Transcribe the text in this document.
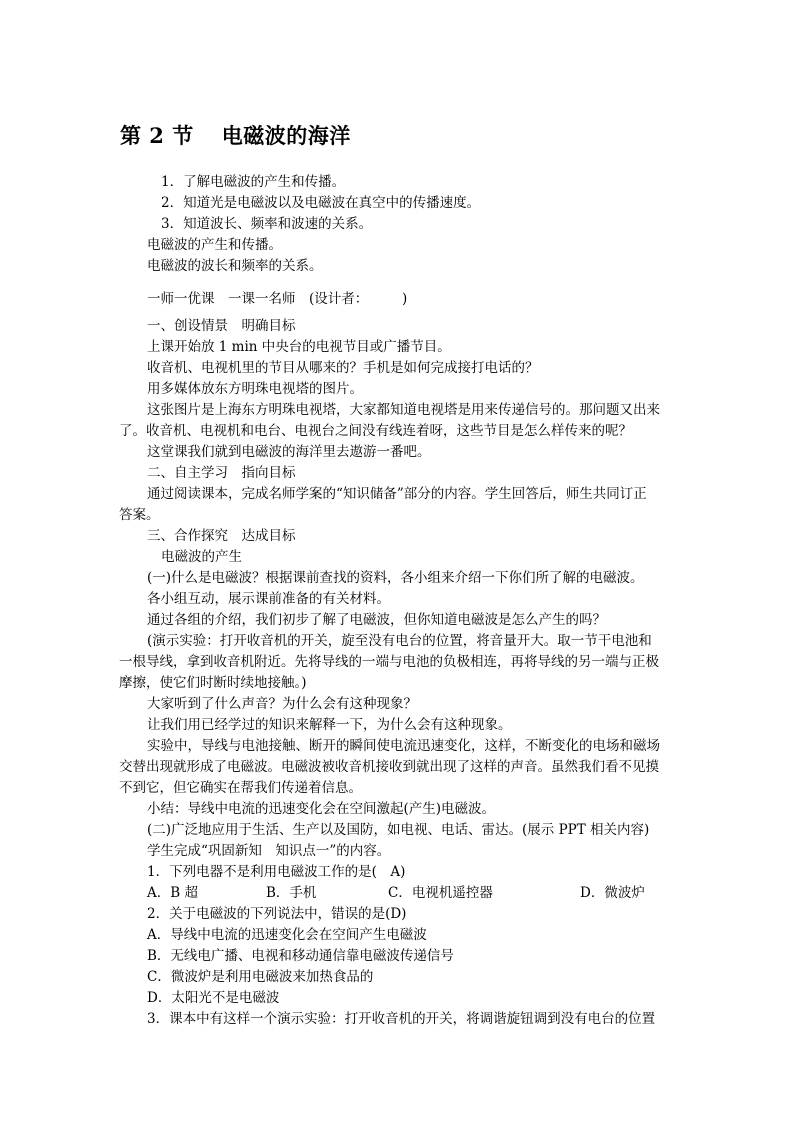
第 2 节 电磁波的海洋
1．了解电磁波的产生和传播。
2．知道光是电磁波以及电磁波在真空中的传播速度。
3．知道波长、频率和波速的关系。
电磁波的产生和传播。
电磁波的波长和频率的关系。
一师一优课　一课一名师　(设计者：　　　)
一、创设情景　明确目标
上课开始放 1 min 中央台的电视节目或广播节目。
收音机、电视机里的节目从哪来的？手机是如何完成接打电话的？
用多媒体放东方明珠电视塔的图片。
这张图片是上海东方明珠电视塔，大家都知道电视塔是用来传递信号的。那问题又出来
了。收音机、电视机和电台、电视台之间没有线连着呀，这些节目是怎么样传来的呢？
这堂课我们就到电磁波的海洋里去遨游一番吧。
二、自主学习　指向目标
通过阅读课本，完成名师学案的“知识储备”部分的内容。学生回答后，师生共同订正
答案。
三、合作探究　达成目标
电磁波的产生
(一)什么是电磁波？根据课前查找的资料，各小组来介绍一下你们所了解的电磁波。
各小组互动，展示课前准备的有关材料。
通过各组的介绍，我们初步了解了电磁波，但你知道电磁波是怎么产生的吗？
(演示实验：打开收音机的开关，旋至没有电台的位置，将音量开大。取一节干电池和
一根导线，拿到收音机附近。先将导线的一端与电池的负极相连，再将导线的另一端与正极
摩擦，使它们时断时续地接触。)
大家听到了什么声音？为什么会有这种现象？
让我们用已经学过的知识来解释一下，为什么会有这种现象。
实验中，导线与电池接触、断开的瞬间使电流迅速变化，这样，不断变化的电场和磁场
交替出现就形成了电磁波。电磁波被收音机接收到就出现了这样的声音。虽然我们看不见摸
不到它，但它确实在帮我们传递着信息。
小结：导线中电流的迅速变化会在空间激起(产生)电磁波。
(二)广泛地应用于生活、生产以及国防，如电视、电话、雷达。(展示 PPT 相关内容)
学生完成“巩固新知　知识点一”的内容。
1．下列电器不是利用电磁波工作的是(　A)
A．B 超	B．手机	C．电视机遥控器	D．微波炉
2．关于电磁波的下列说法中，错误的是(D)
A．导线中电流的迅速变化会在空间产生电磁波
B．无线电广播、电视和移动通信靠电磁波传递信号
C．微波炉是利用电磁波来加热食品的
D．太阳光不是电磁波
3．课本中有这样一个演示实验：打开收音机的开关，将调谐旋钮调到没有电台的位置
